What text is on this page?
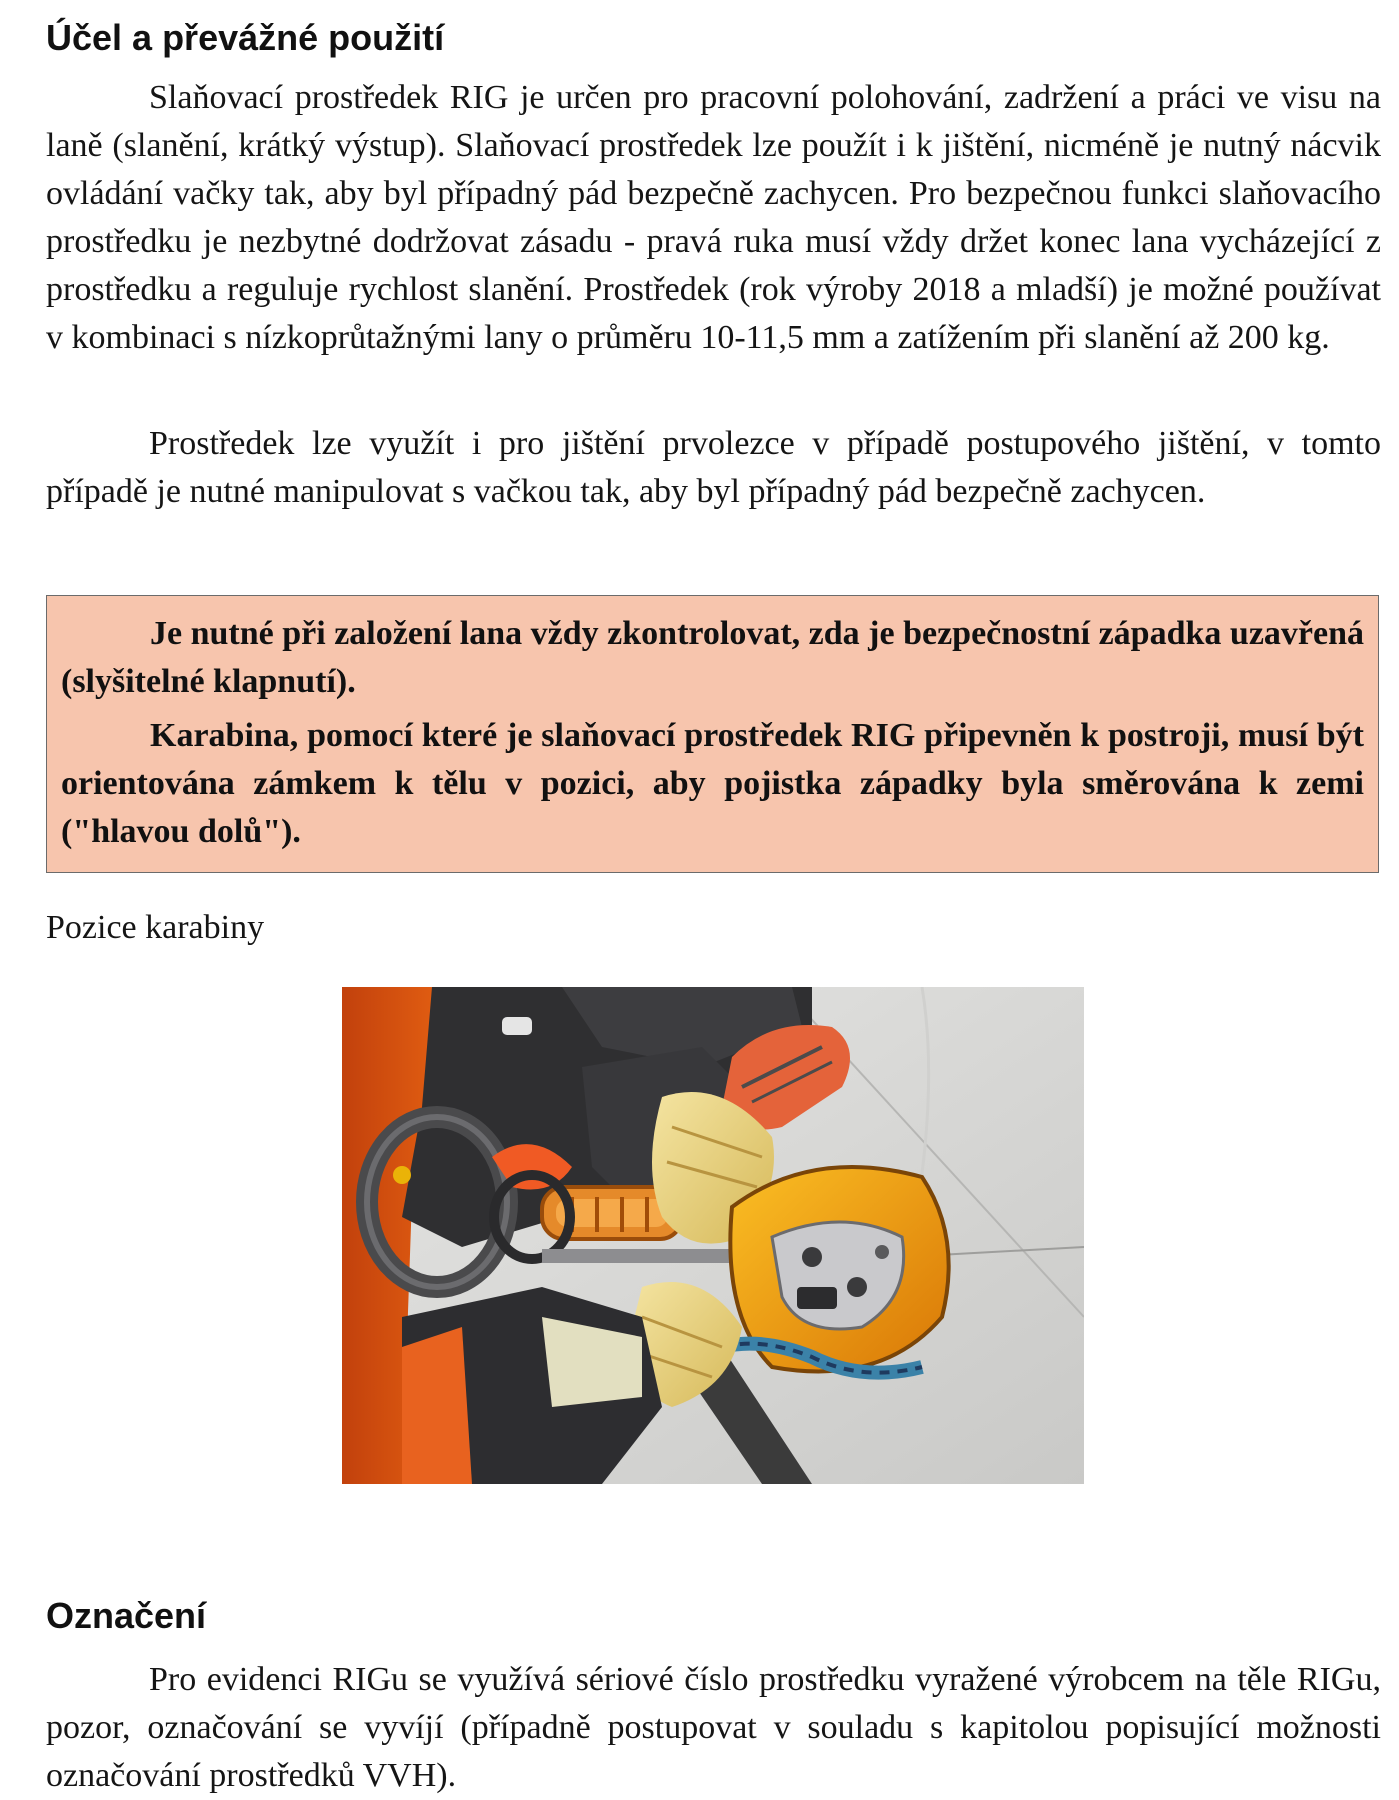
Účel a převážné použití

Slaňovací prostředek RIG je určen pro pracovní polohování, zadržení a práci ve visu na laně (slanění, krátký výstup). Slaňovací prostředek lze použít i k jištění, nicméně je nutný nácvik ovládání vačky tak, aby byl případný pád bezpečně zachycen. Pro bezpečnou funkci slaňovacího prostředku je nezbytné dodržovat zásadu - pravá ruka musí vždy držet konec lana vycházející z prostředku a reguluje rychlost slanění. Prostředek (rok výroby 2018 a mladší) je možné používat v kombinaci s nízkoprůtažnými lany o průměru 10-11,5 mm a zatížením při slanění až 200 kg.

Prostředek lze využít i pro jištění prvolezce v případě postupového jištění, v tomto případě je nutné manipulovat s vačkou tak, aby byl případný pád bezpečně zachycen.

Je nutné při založení lana vždy zkontrolovat, zda je bezpečnostní západka uzavřená (slyšitelné klapnutí).

Karabina, pomocí které je slaňovací prostředek RIG připevněn k postroji, musí být orientována zámkem k tělu v pozici, aby pojistka západky byla směrována k zemi ("hlavou dolů").

Pozice karabiny

Označení

Pro evidenci RIGu se využívá sériové číslo prostředku vyražené výrobcem na těle RIGu, pozor, označování se vyvíjí (případně postupovat v souladu s kapitolou popisující možnosti označování prostředků VVH).
